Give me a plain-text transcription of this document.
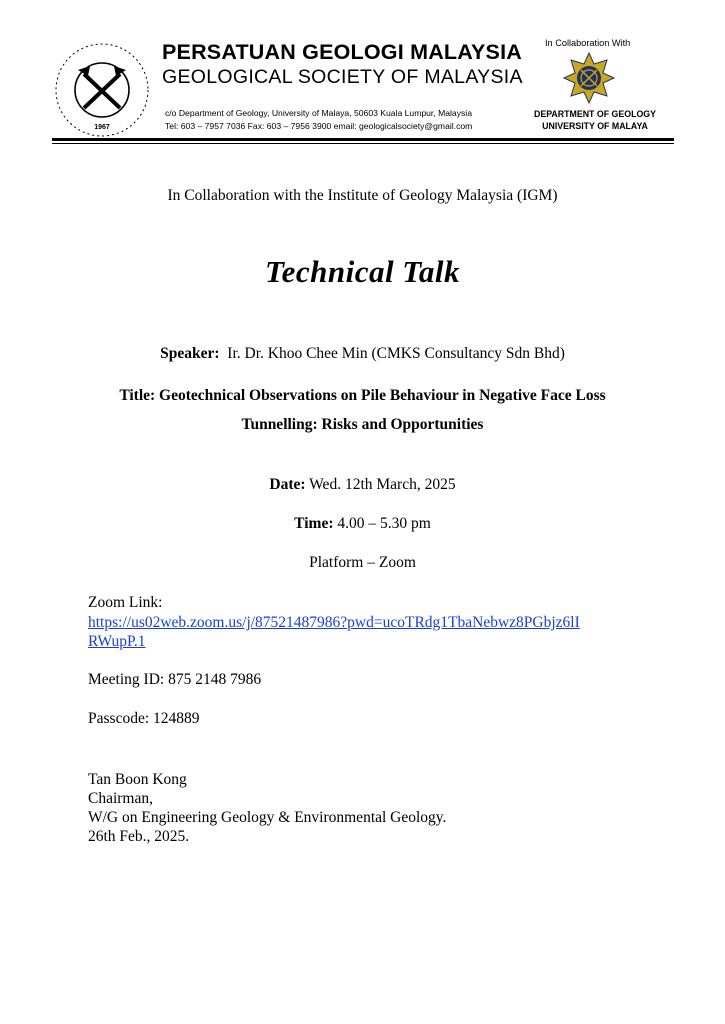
1967
PERSATUAN GEOLOGI MALAYSIA
GEOLOGICAL SOCIETY OF MALAYSIA
c/o Department of Geology, University of Malaya, 50603 Kuala Lumpur, Malaysia
Tel: 603 – 7957 7036 Fax: 603 – 7956 3900 email: geologicalsociety@gmail.com
In Collaboration With
DEPARTMENT OF GEOLOGY
UNIVERSITY OF MALAYA
In Collaboration with the Institute of Geology Malaysia (IGM)
Technical Talk
Speaker: Ir. Dr. Khoo Chee Min (CMKS Consultancy Sdn Bhd)
Title: Geotechnical Observations on Pile Behaviour in Negative Face Loss
Tunnelling: Risks and Opportunities
Date: Wed. 12th March, 2025
Time: 4.00 – 5.30 pm
Platform – Zoom
Zoom Link:
https://us02web.zoom.us/j/87521487986?pwd=ucoTRdg1TbaNebwz8PGbjz6lI
RWupP.1
Meeting ID: 875 2148 7986
Passcode: 124889
Tan Boon Kong
Chairman,
W/G on Engineering Geology & Environmental Geology.
26th Feb., 2025.
